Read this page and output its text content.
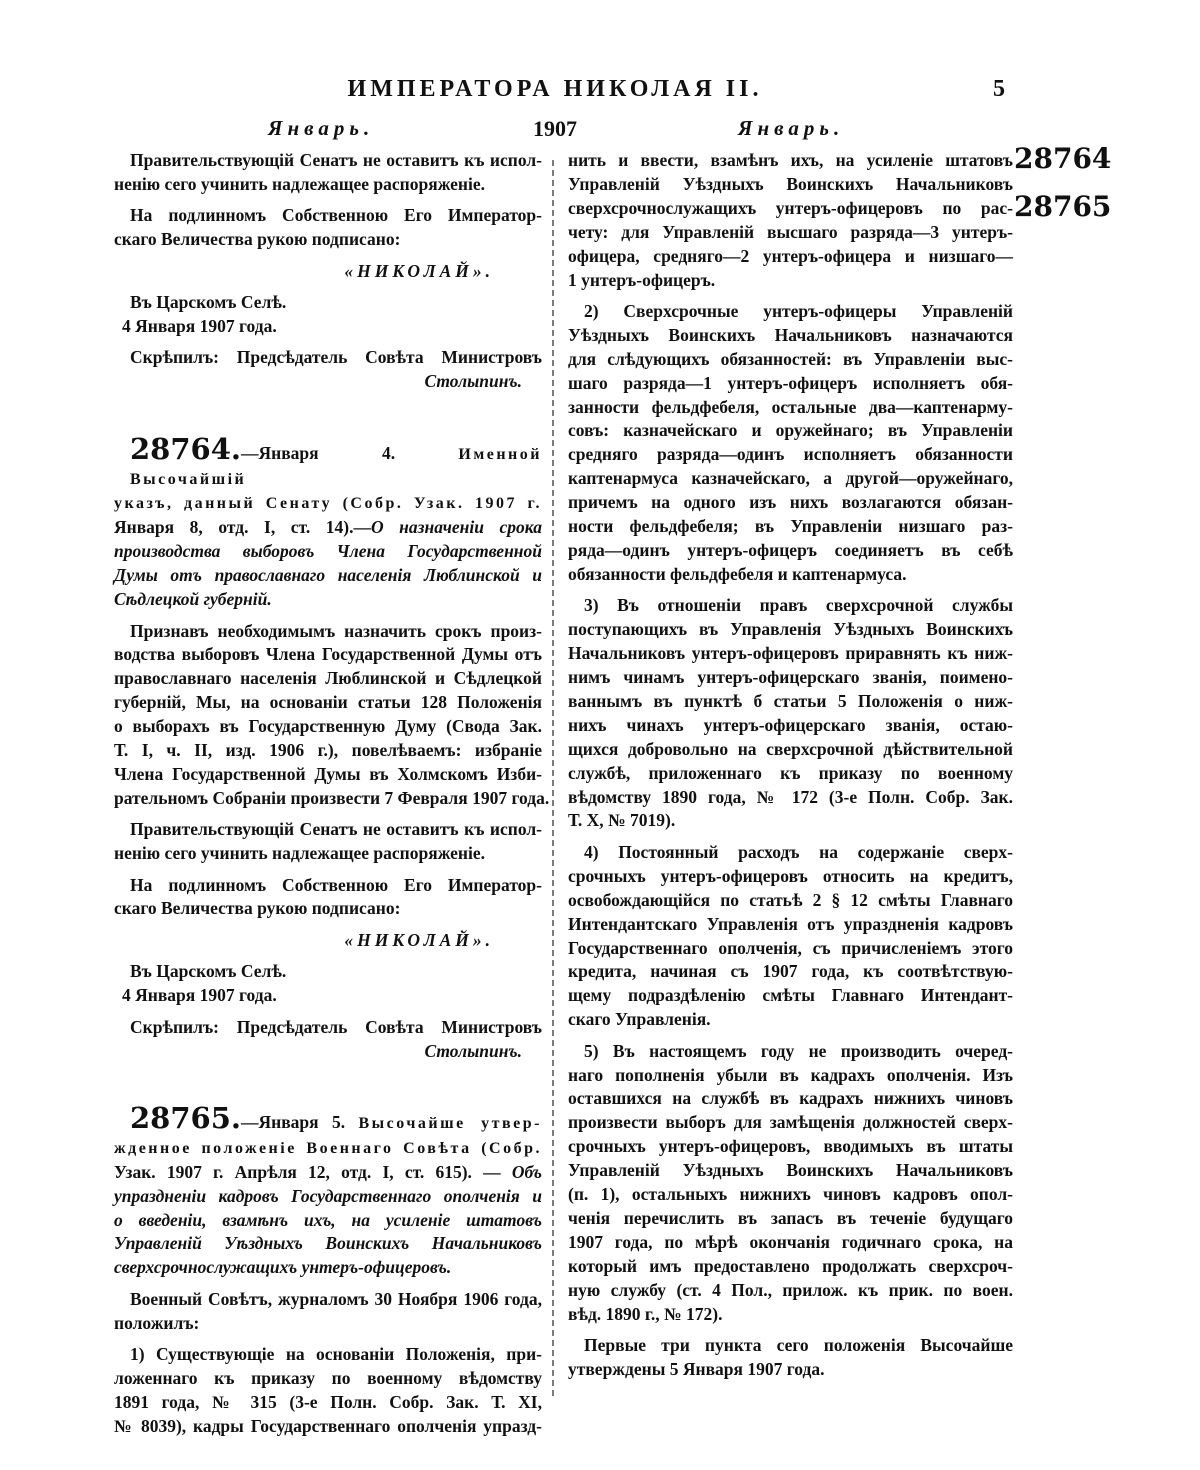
ИМПЕРАТОРА НИКОЛАЯ II.	5
Январь.	1907	Январь.
28764
28765
Правительствующій Сенатъ не оставитъ къ испол-
ненію сего учинить надлежащее распоряженіе.
На подлинномъ Собственною Его Император-
скаго Величества рукою подписано:
«НИКОЛАЙ».
Въ Царскомъ Селѣ.
4 Января 1907 года.
Скрѣпилъ: Предсѣдатель Совѣта Министровъ
Столыпинъ.
28764.—Января 4. Именной Высочайшій
указъ, данный Сенату (Собр. Узак. 1907 г.
Января 8, отд. I, ст. 14).—О назначеніи срока
производства выборовъ Члена Государственной
Думы отъ православнаго населенія Люблинской и
Сѣдлецкой губерній.
Признавъ необходимымъ назначить срокъ произ-
водства выборовъ Члена Государственной Думы отъ
православнаго населенія Люблинской и Сѣдлецкой
губерній, Мы, на основаніи статьи 128 Положенія
о выборахъ въ Государственную Думу (Свода Зак.
Т. I, ч. II, изд. 1906 г.), повелѣваемъ: избраніе
Члена Государственной Думы въ Холмскомъ Изби-
рательномъ Собраніи произвести 7 Февраля 1907 года.
Правительствующій Сенатъ не оставитъ къ испол-
ненію сего учинить надлежащее распоряженіе.
На подлинномъ Собственною Его Император-
скаго Величества рукою подписано:
«НИКОЛАЙ».
Въ Царскомъ Селѣ.
4 Января 1907 года.
Скрѣпилъ: Предсѣдатель Совѣта Министровъ
Столыпинъ.
28765.—Января 5. Высочайше утвер-
жденное положеніе Военнаго Совѣта (Собр.
Узак. 1907 г. Апрѣля 12, отд. I, ст. 615). — Объ
упраздненіи кадровъ Государственнаго ополченія и
о введеніи, взамѣнъ ихъ, на усиленіе штатовъ
Управленій Уѣздныхъ Воинскихъ Начальниковъ
сверхсрочнослужащихъ унтеръ-офицеровъ.
Военный Совѣтъ, журналомъ 30 Ноября 1906 года,
положилъ:
1) Существующіе на основаніи Положенія, при-
ложеннаго къ приказу по военному вѣдомству
1891 года, № 315 (3-е Полн. Собр. Зак. Т. XI,
№ 8039), кадры Государственнаго ополченія упразд-
нить и ввести, взамѣнъ ихъ, на усиленіе штатовъ
Управленій Уѣздныхъ Воинскихъ Начальниковъ
сверхсрочнослужащихъ унтеръ-офицеровъ по рас-
чету: для Управленій высшаго разряда—3 унтеръ-
офицера, средняго—2 унтеръ-офицера и низшаго—
1 унтеръ-офицеръ.
2) Сверхсрочные унтеръ-офицеры Управленій
Уѣздныхъ Воинскихъ Начальниковъ назначаются
для слѣдующихъ обязанностей: въ Управленіи выс-
шаго разряда—1 унтеръ-офицеръ исполняетъ обя-
занности фельдфебеля, остальные два—каптенарму-
совъ: казначейскаго и оружейнаго; въ Управленіи
средняго разряда—одинъ исполняетъ обязанности
каптенармуса казначейскаго, а другой—оружейнаго,
причемъ на одного изъ нихъ возлагаются обязан-
ности фельдфебеля; въ Управленіи низшаго раз-
ряда—одинъ унтеръ-офицеръ соединяетъ въ себѣ
обязанности фельдфебеля и каптенармуса.
3) Въ отношеніи правъ сверхсрочной службы
поступающихъ въ Управленія Уѣздныхъ Воинскихъ
Начальниковъ унтеръ-офицеровъ приравнять къ ниж-
нимъ чинамъ унтеръ-офицерскаго званія, поимено-
ваннымъ въ пунктѣ б статьи 5 Положенія о ниж-
нихъ чинахъ унтеръ-офицерскаго званія, остаю-
щихся добровольно на сверхсрочной дѣйствительной
службѣ, приложеннаго къ приказу по военному
вѣдомству 1890 года, № 172 (3-е Полн. Собр. Зак.
Т. X, № 7019).
4) Постоянный расходъ на содержаніе сверх-
срочныхъ унтеръ-офицеровъ относить на кредитъ,
освобождающійся по статьѣ 2 § 12 смѣты Главнаго
Интендантскаго Управленія отъ упраздненія кадровъ
Государственнаго ополченія, съ причисленіемъ этого
кредита, начиная съ 1907 года, къ соотвѣтствую-
щему подраздѣленію смѣты Главнаго Интендант-
скаго Управленія.
5) Въ настоящемъ году не производить очеред-
наго пополненія убыли въ кадрахъ ополченія. Изъ
оставшихся на службѣ въ кадрахъ нижнихъ чиновъ
произвести выборъ для замѣщенія должностей сверх-
срочныхъ унтеръ-офицеровъ, вводимыхъ въ штаты
Управленій Уѣздныхъ Воинскихъ Начальниковъ
(п. 1), остальныхъ нижнихъ чиновъ кадровъ опол-
ченія перечислить въ запасъ въ теченіе будущаго
1907 года, по мѣрѣ окончанія годичнаго срока, на
который имъ предоставлено продолжать сверхсроч-
ную службу (ст. 4 Пол., прилож. къ прик. по воен.
вѣд. 1890 г., № 172).
Первые три пункта сего положенія Высочайше
утверждены 5 Января 1907 года.
